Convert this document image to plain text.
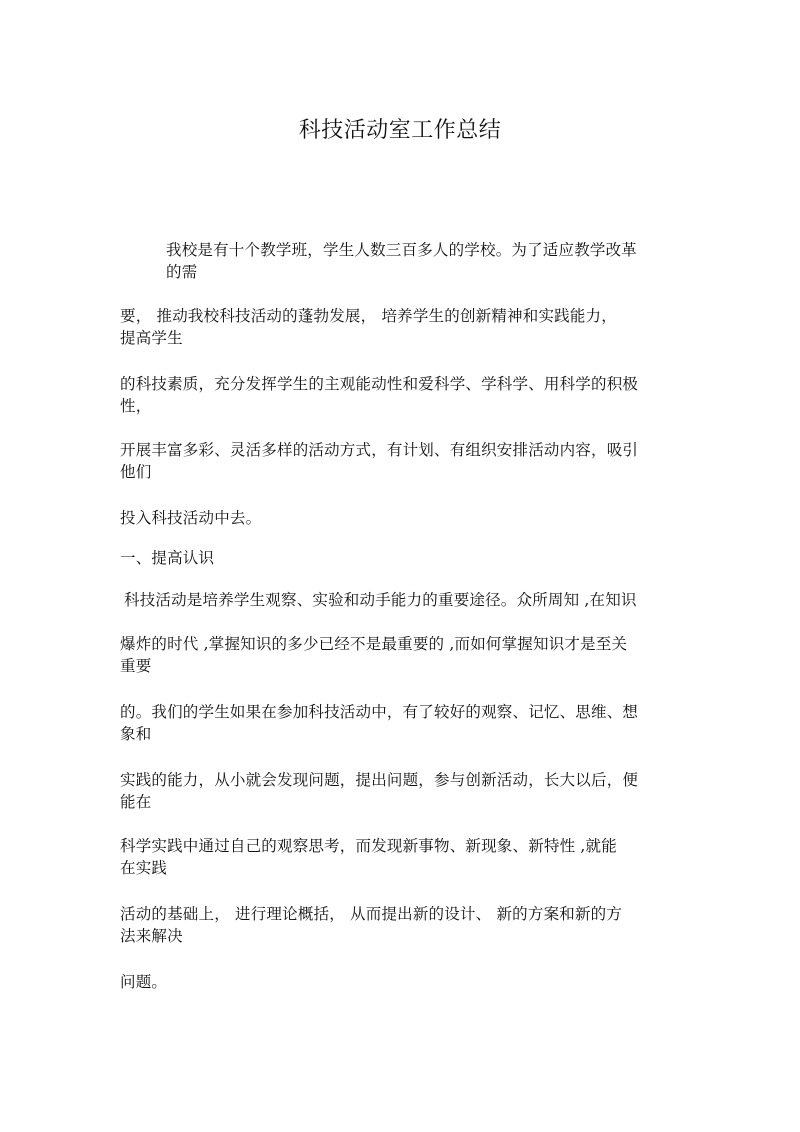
科技活动室工作总结
我校是有十个教学班，学生人数三百多人的学校。为了适应教学改革
的需
要， 推动我校科技活动的蓬勃发展， 培养学生的创新精神和实践能力，
提高学生
的科技素质，充分发挥学生的主观能动性和爱科学、学科学、用科学的积极
性，
开展丰富多彩、灵活多样的活动方式，有计划、有组织安排活动内容，吸引
他们
投入科技活动中去。
一、提高认识
科技活动是培养学生观察、实验和动手能力的重要途径。众所周知 ,在知识
爆炸的时代 ,掌握知识的多少已经不是最重要的 ,而如何掌握知识才是至关
重要
的。我们的学生如果在参加科技活动中，有了较好的观察、记忆、思维、想
象和
实践的能力，从小就会发现问题，提出问题，参与创新活动，长大以后，便
能在
科学实践中通过自己的观察思考，而发现新事物、新现象、新特性 ,就能
在实践
活动的基础上， 进行理论概括， 从而提出新的设计、 新的方案和新的方
法来解决
问题。
